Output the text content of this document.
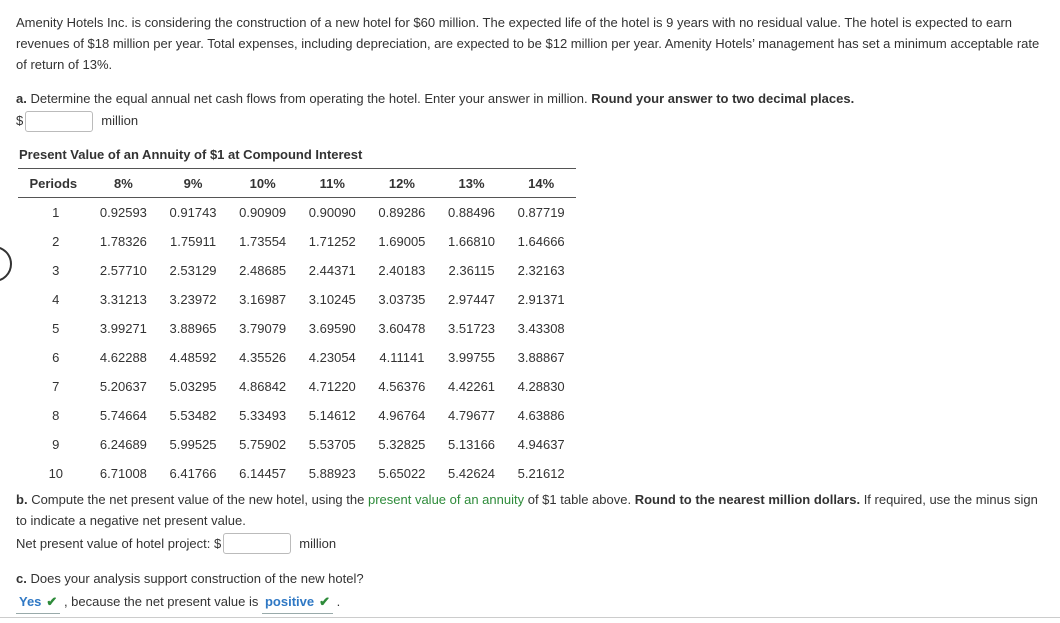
Amenity Hotels Inc. is considering the construction of a new hotel for $60 million. The expected life of the hotel is 9 years with no residual value. The hotel is expected to earn revenues of $18 million per year. Total expenses, including depreciation, are expected to be $12 million per year. Amenity Hotels’ management has set a minimum acceptable rate of return of 13%.

a. Determine the equal annual net cash flows from operating the hotel. Enter your answer in million. Round your answer to two decimal places.
$	million
Present Value of an Annuity of $1 at Compound Interest
Periods	8%	9%	10%	11%	12%	13%	14%
1	0.92593	0.91743	0.90909	0.90090	0.89286	0.88496	0.87719
2	1.78326	1.75911	1.73554	1.71252	1.69005	1.66810	1.64666
3	2.57710	2.53129	2.48685	2.44371	2.40183	2.36115	2.32163
4	3.31213	3.23972	3.16987	3.10245	3.03735	2.97447	2.91371
5	3.99271	3.88965	3.79079	3.69590	3.60478	3.51723	3.43308
6	4.62288	4.48592	4.35526	4.23054	4.11141	3.99755	3.88867
7	5.20637	5.03295	4.86842	4.71220	4.56376	4.42261	4.28830
8	5.74664	5.53482	5.33493	5.14612	4.96764	4.79677	4.63886
9	6.24689	5.99525	5.75902	5.53705	5.32825	5.13166	4.94637
10	6.71008	6.41766	6.14457	5.88923	5.65022	5.42624	5.21612
b. Compute the net present value of the new hotel, using the present value of an annuity of $1 table above. Round to the nearest million dollars. If required, use the minus sign to indicate a negative net present value.
Net present value of hotel project: $	million
c. Does your analysis support construction of the new hotel?
Yes ✔ , because the net present value is positive ✔ .
